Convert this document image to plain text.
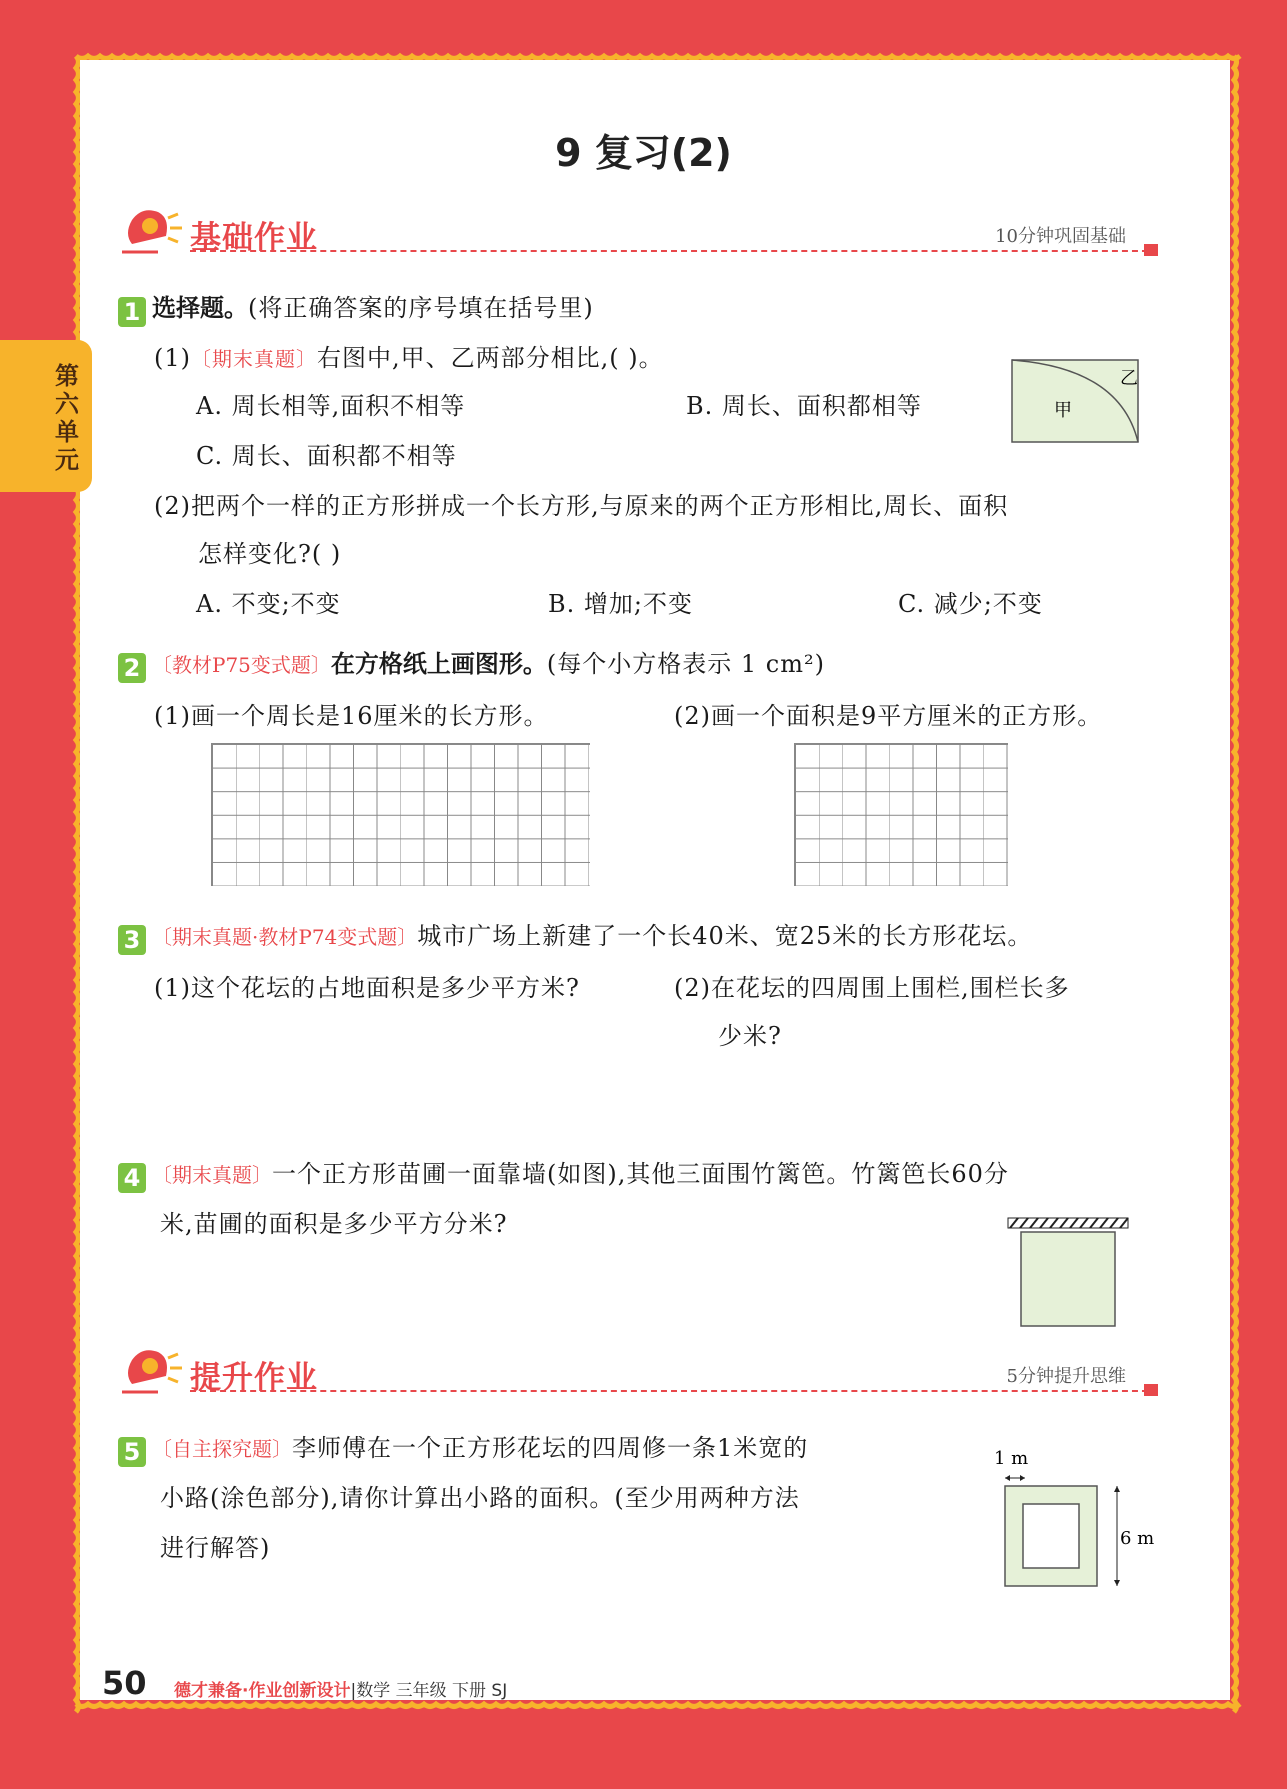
第六单元
9 复习(2)
基础作业	10分钟巩固基础
1 选择题。(将正确答案的序号填在括号里)
(1)〔期末真题〕右图中,甲、乙两部分相比,( )。
A. 周长相等,面积不相等	B. 周长、面积都相等
C. 周长、面积都不相等
甲
乙
(2)把两个一样的正方形拼成一个长方形,与原来的两个正方形相比,周长、面积
怎样变化?( )
A. 不变;不变	B. 增加;不变	C. 减少;不变
2 〔教材P75变式题〕在方格纸上画图形。(每个小方格表示 1 cm²)
(1)画一个周长是16厘米的长方形。	(2)画一个面积是9平方厘米的正方形。
3 〔期末真题·教材P74变式题〕城市广场上新建了一个长40米、宽25米的长方形花坛。
(1)这个花坛的占地面积是多少平方米?	(2)在花坛的四周围上围栏,围栏长多
少米?
4 〔期末真题〕一个正方形苗圃一面靠墙(如图),其他三面围竹篱笆。竹篱笆长60分
米,苗圃的面积是多少平方分米?
提升作业	5分钟提升思维
5 〔自主探究题〕李师傅在一个正方形花坛的四周修一条1米宽的
小路(涂色部分),请你计算出小路的面积。(至少用两种方法
进行解答)
1 m
6 m
50 德才兼备·作业创新设计|数学 三年级 下册 SJ
